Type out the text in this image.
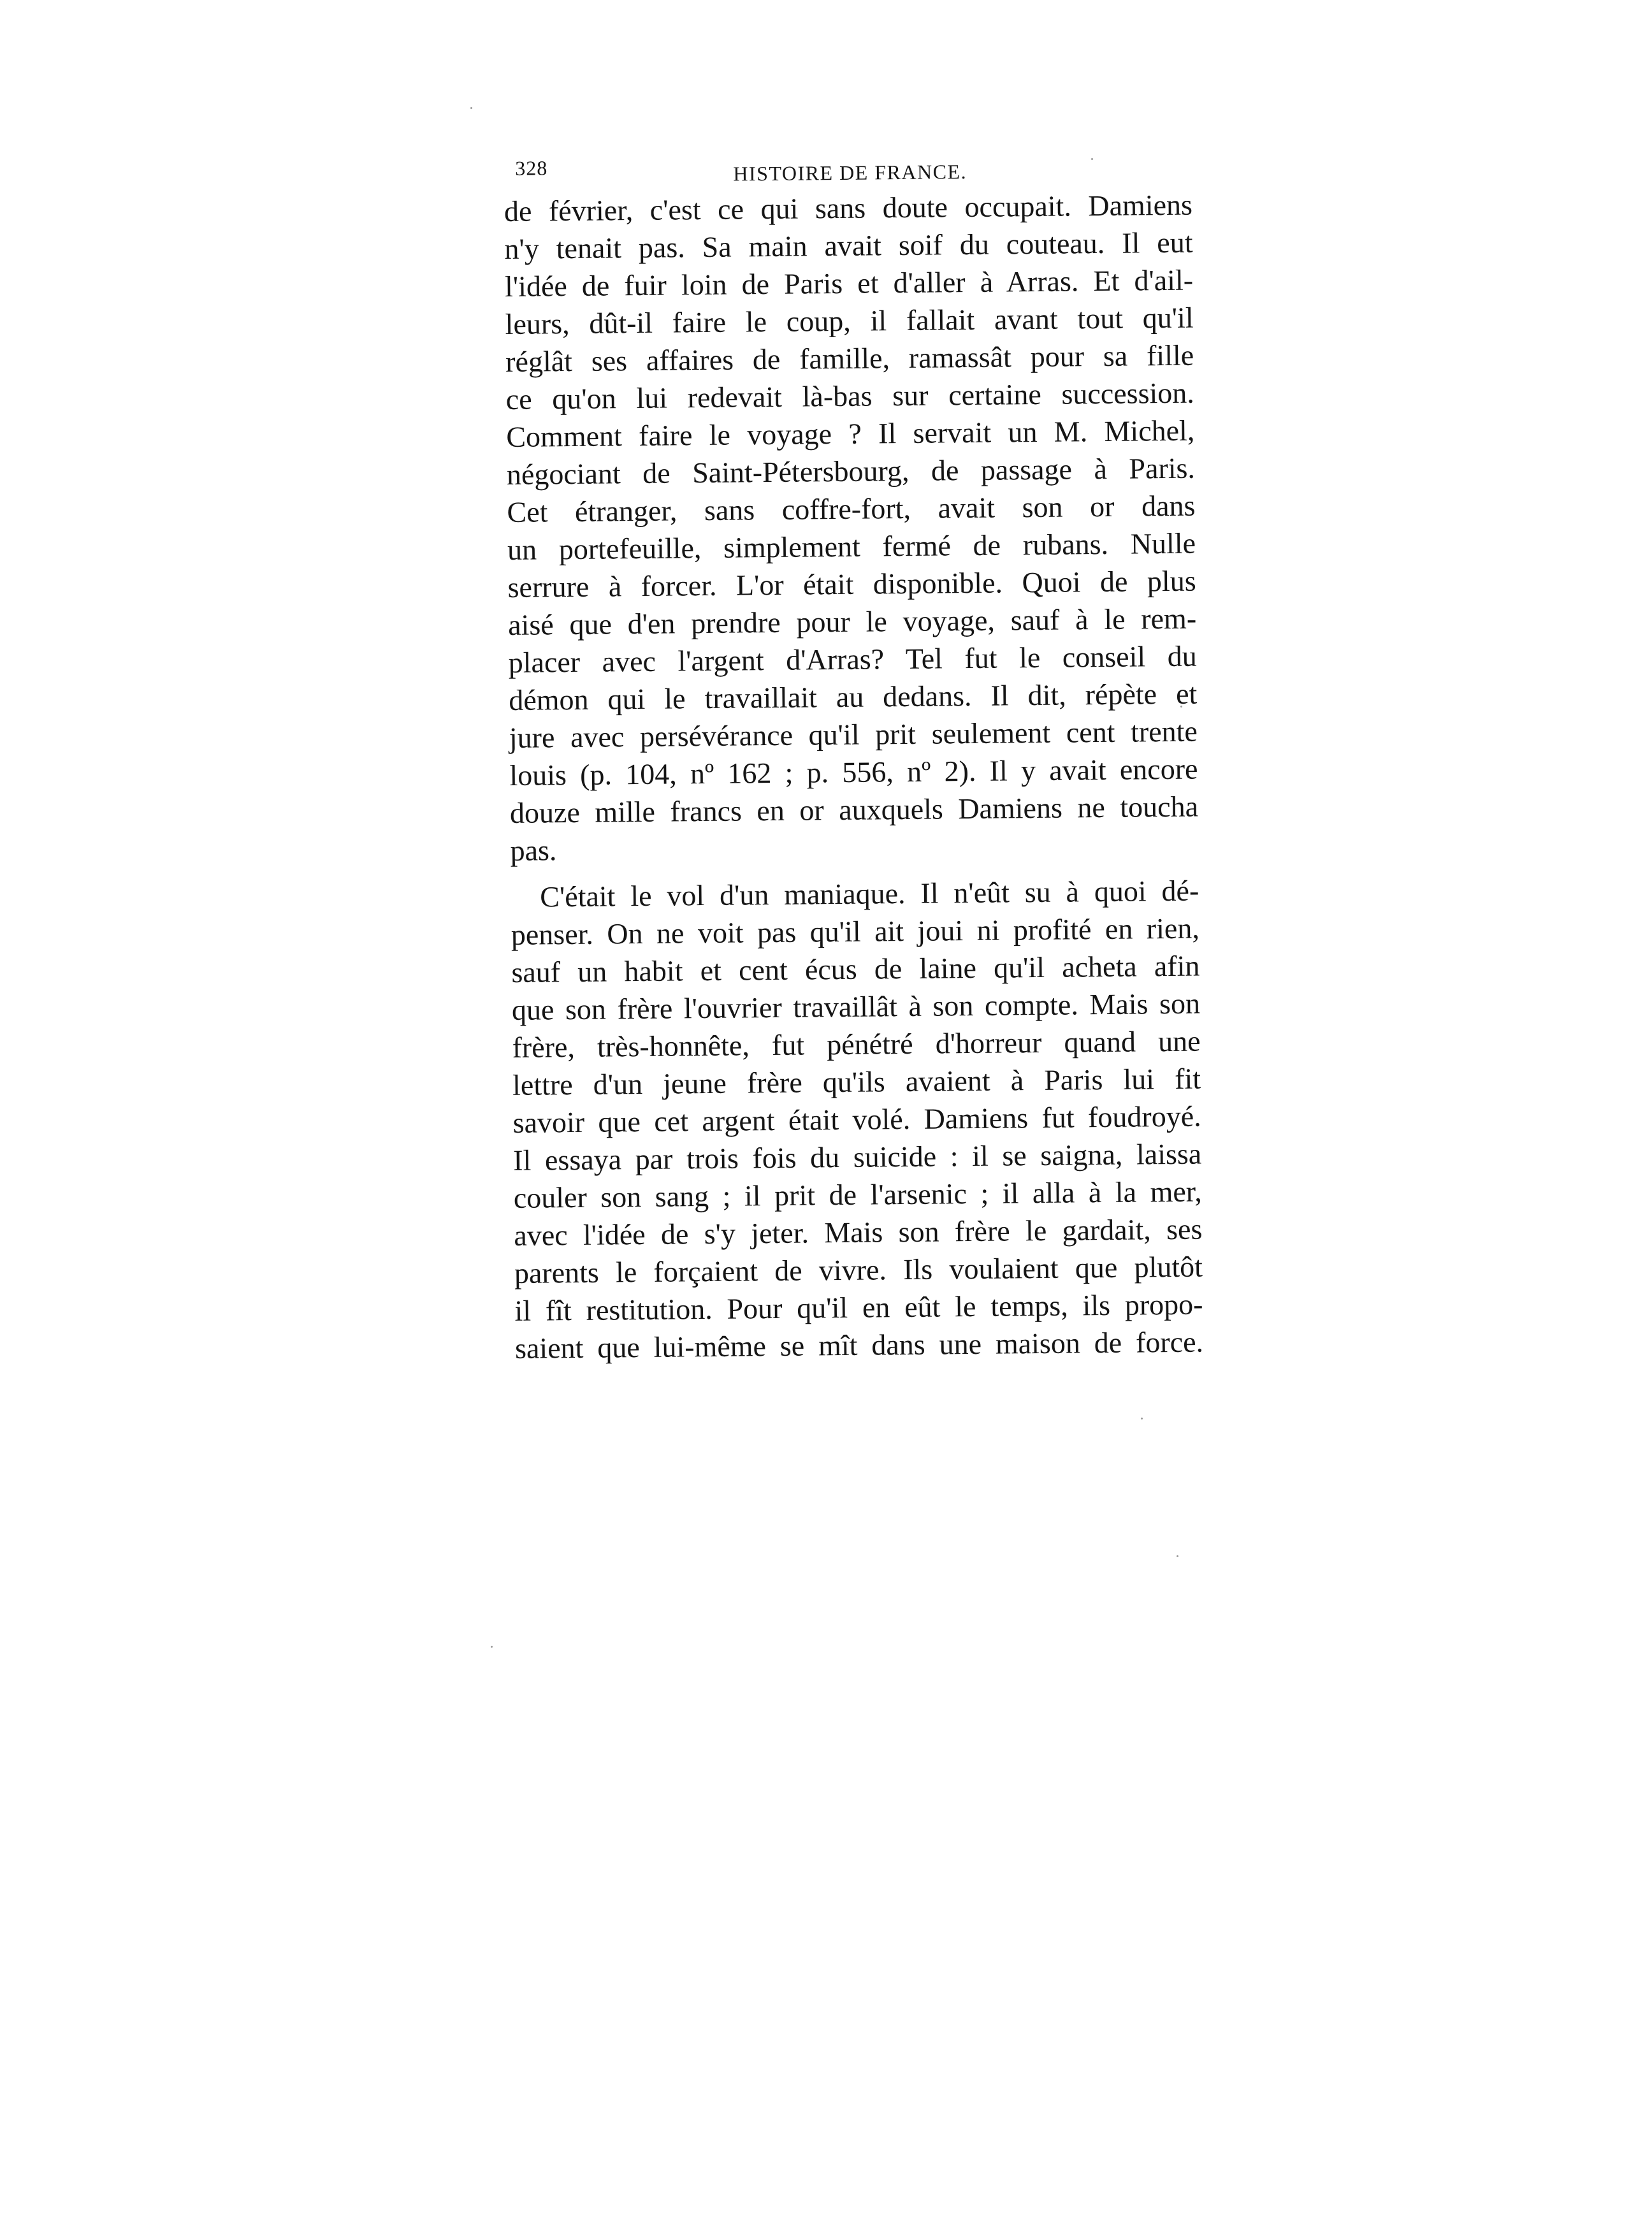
328	HISTOIRE DE FRANCE.
de février, c'est ce qui sans doute occupait. Damiens
n'y tenait pas. Sa main avait soif du couteau. Il eut
l'idée de fuir loin de Paris et d'aller à Arras. Et d'ail-
leurs, dût-il faire le coup, il fallait avant tout qu'il
réglât ses affaires de famille, ramassât pour sa fille
ce qu'on lui redevait là-bas sur certaine succession.
Comment faire le voyage ? Il servait un M. Michel,
négociant de Saint-Pétersbourg, de passage à Paris.
Cet étranger, sans coffre-fort, avait son or dans
un portefeuille, simplement fermé de rubans. Nulle
serrure à forcer. L'or était disponible. Quoi de plus
aisé que d'en prendre pour le voyage, sauf à le rem-
placer avec l'argent d'Arras? Tel fut le conseil du
démon qui le travaillait au dedans. Il dit, répète et
jure avec persévérance qu'il prit seulement cent trente
louis (p. 104, nº 162 ; p. 556, nº 2). Il y avait encore
douze mille francs en or auxquels Damiens ne toucha
pas.
C'était le vol d'un maniaque. Il n'eût su à quoi dé-
penser. On ne voit pas qu'il ait joui ni profité en rien,
sauf un habit et cent écus de laine qu'il acheta afin
que son frère l'ouvrier travaillât à son compte. Mais son
frère, très-honnête, fut pénétré d'horreur quand une
lettre d'un jeune frère qu'ils avaient à Paris lui fit
savoir que cet argent était volé. Damiens fut foudroyé.
Il essaya par trois fois du suicide : il se saigna, laissa
couler son sang ; il prit de l'arsenic ; il alla à la mer,
avec l'idée de s'y jeter. Mais son frère le gardait, ses
parents le forçaient de vivre. Ils voulaient que plutôt
il fît restitution. Pour qu'il en eût le temps, ils propo-
saient que lui-même se mît dans une maison de force.
